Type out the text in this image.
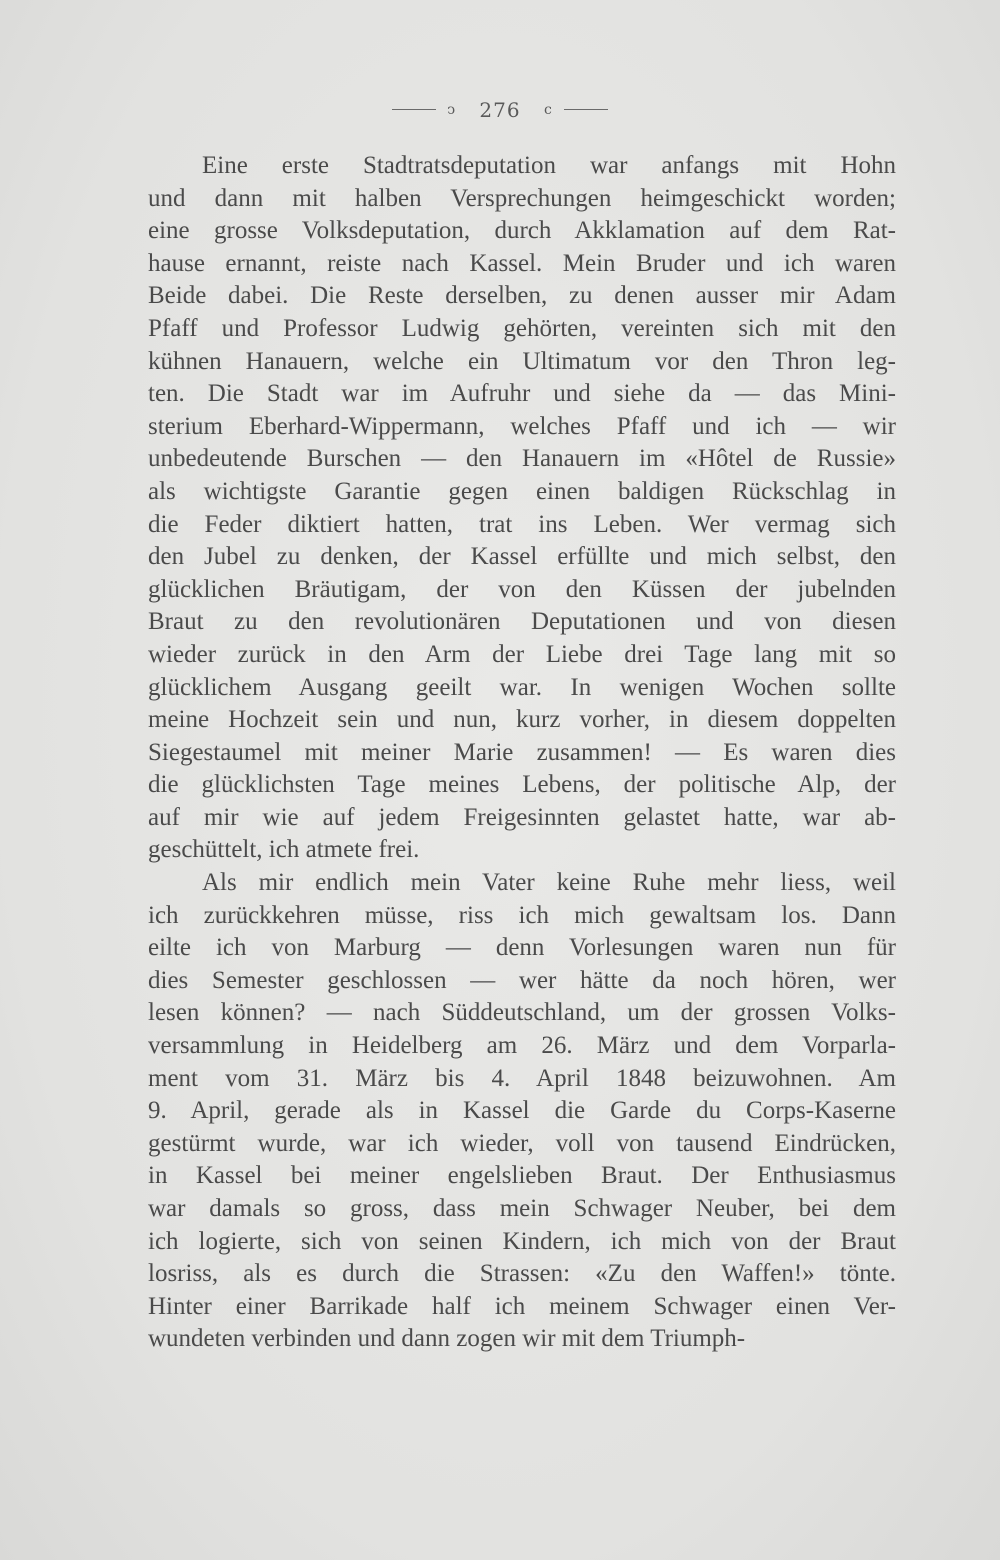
ↄ 276 c
Eine erste Stadtratsdeputation war anfangs mit Hohn
und dann mit halben Versprechungen heimgeschickt worden;
eine grosse Volksdeputation, durch Akklamation auf dem Rat-
hause ernannt, reiste nach Kassel. Mein Bruder und ich waren
Beide dabei. Die Reste derselben, zu denen ausser mir Adam
Pfaff und Professor Ludwig gehörten, vereinten sich mit den
kühnen Hanauern, welche ein Ultimatum vor den Thron leg-
ten. Die Stadt war im Aufruhr und siehe da — das Mini-
sterium Eberhard-Wippermann, welches Pfaff und ich — wir
unbedeutende Burschen — den Hanauern im «Hôtel de Russie»
als wichtigste Garantie gegen einen baldigen Rückschlag in
die Feder diktiert hatten, trat ins Leben. Wer vermag sich
den Jubel zu denken, der Kassel erfüllte und mich selbst, den
glücklichen Bräutigam, der von den Küssen der jubelnden
Braut zu den revolutionären Deputationen und von diesen
wieder zurück in den Arm der Liebe drei Tage lang mit so
glücklichem Ausgang geeilt war. In wenigen Wochen sollte
meine Hochzeit sein und nun, kurz vorher, in diesem doppelten
Siegestaumel mit meiner Marie zusammen! — Es waren dies
die glücklichsten Tage meines Lebens, der politische Alp, der
auf mir wie auf jedem Freigesinnten gelastet hatte, war ab-
geschüttelt, ich atmete frei.
Als mir endlich mein Vater keine Ruhe mehr liess, weil
ich zurückkehren müsse, riss ich mich gewaltsam los. Dann
eilte ich von Marburg — denn Vorlesungen waren nun für
dies Semester geschlossen — wer hätte da noch hören, wer
lesen können? — nach Süddeutschland, um der grossen Volks-
versammlung in Heidelberg am 26. März und dem Vorparla-
ment vom 31. März bis 4. April 1848 beizuwohnen. Am
9. April, gerade als in Kassel die Garde du Corps-Kaserne
gestürmt wurde, war ich wieder, voll von tausend Eindrücken,
in Kassel bei meiner engelslieben Braut. Der Enthusiasmus
war damals so gross, dass mein Schwager Neuber, bei dem
ich logierte, sich von seinen Kindern, ich mich von der Braut
losriss, als es durch die Strassen: «Zu den Waffen!» tönte.
Hinter einer Barrikade half ich meinem Schwager einen Ver-
wundeten verbinden und dann zogen wir mit dem Triumph-
